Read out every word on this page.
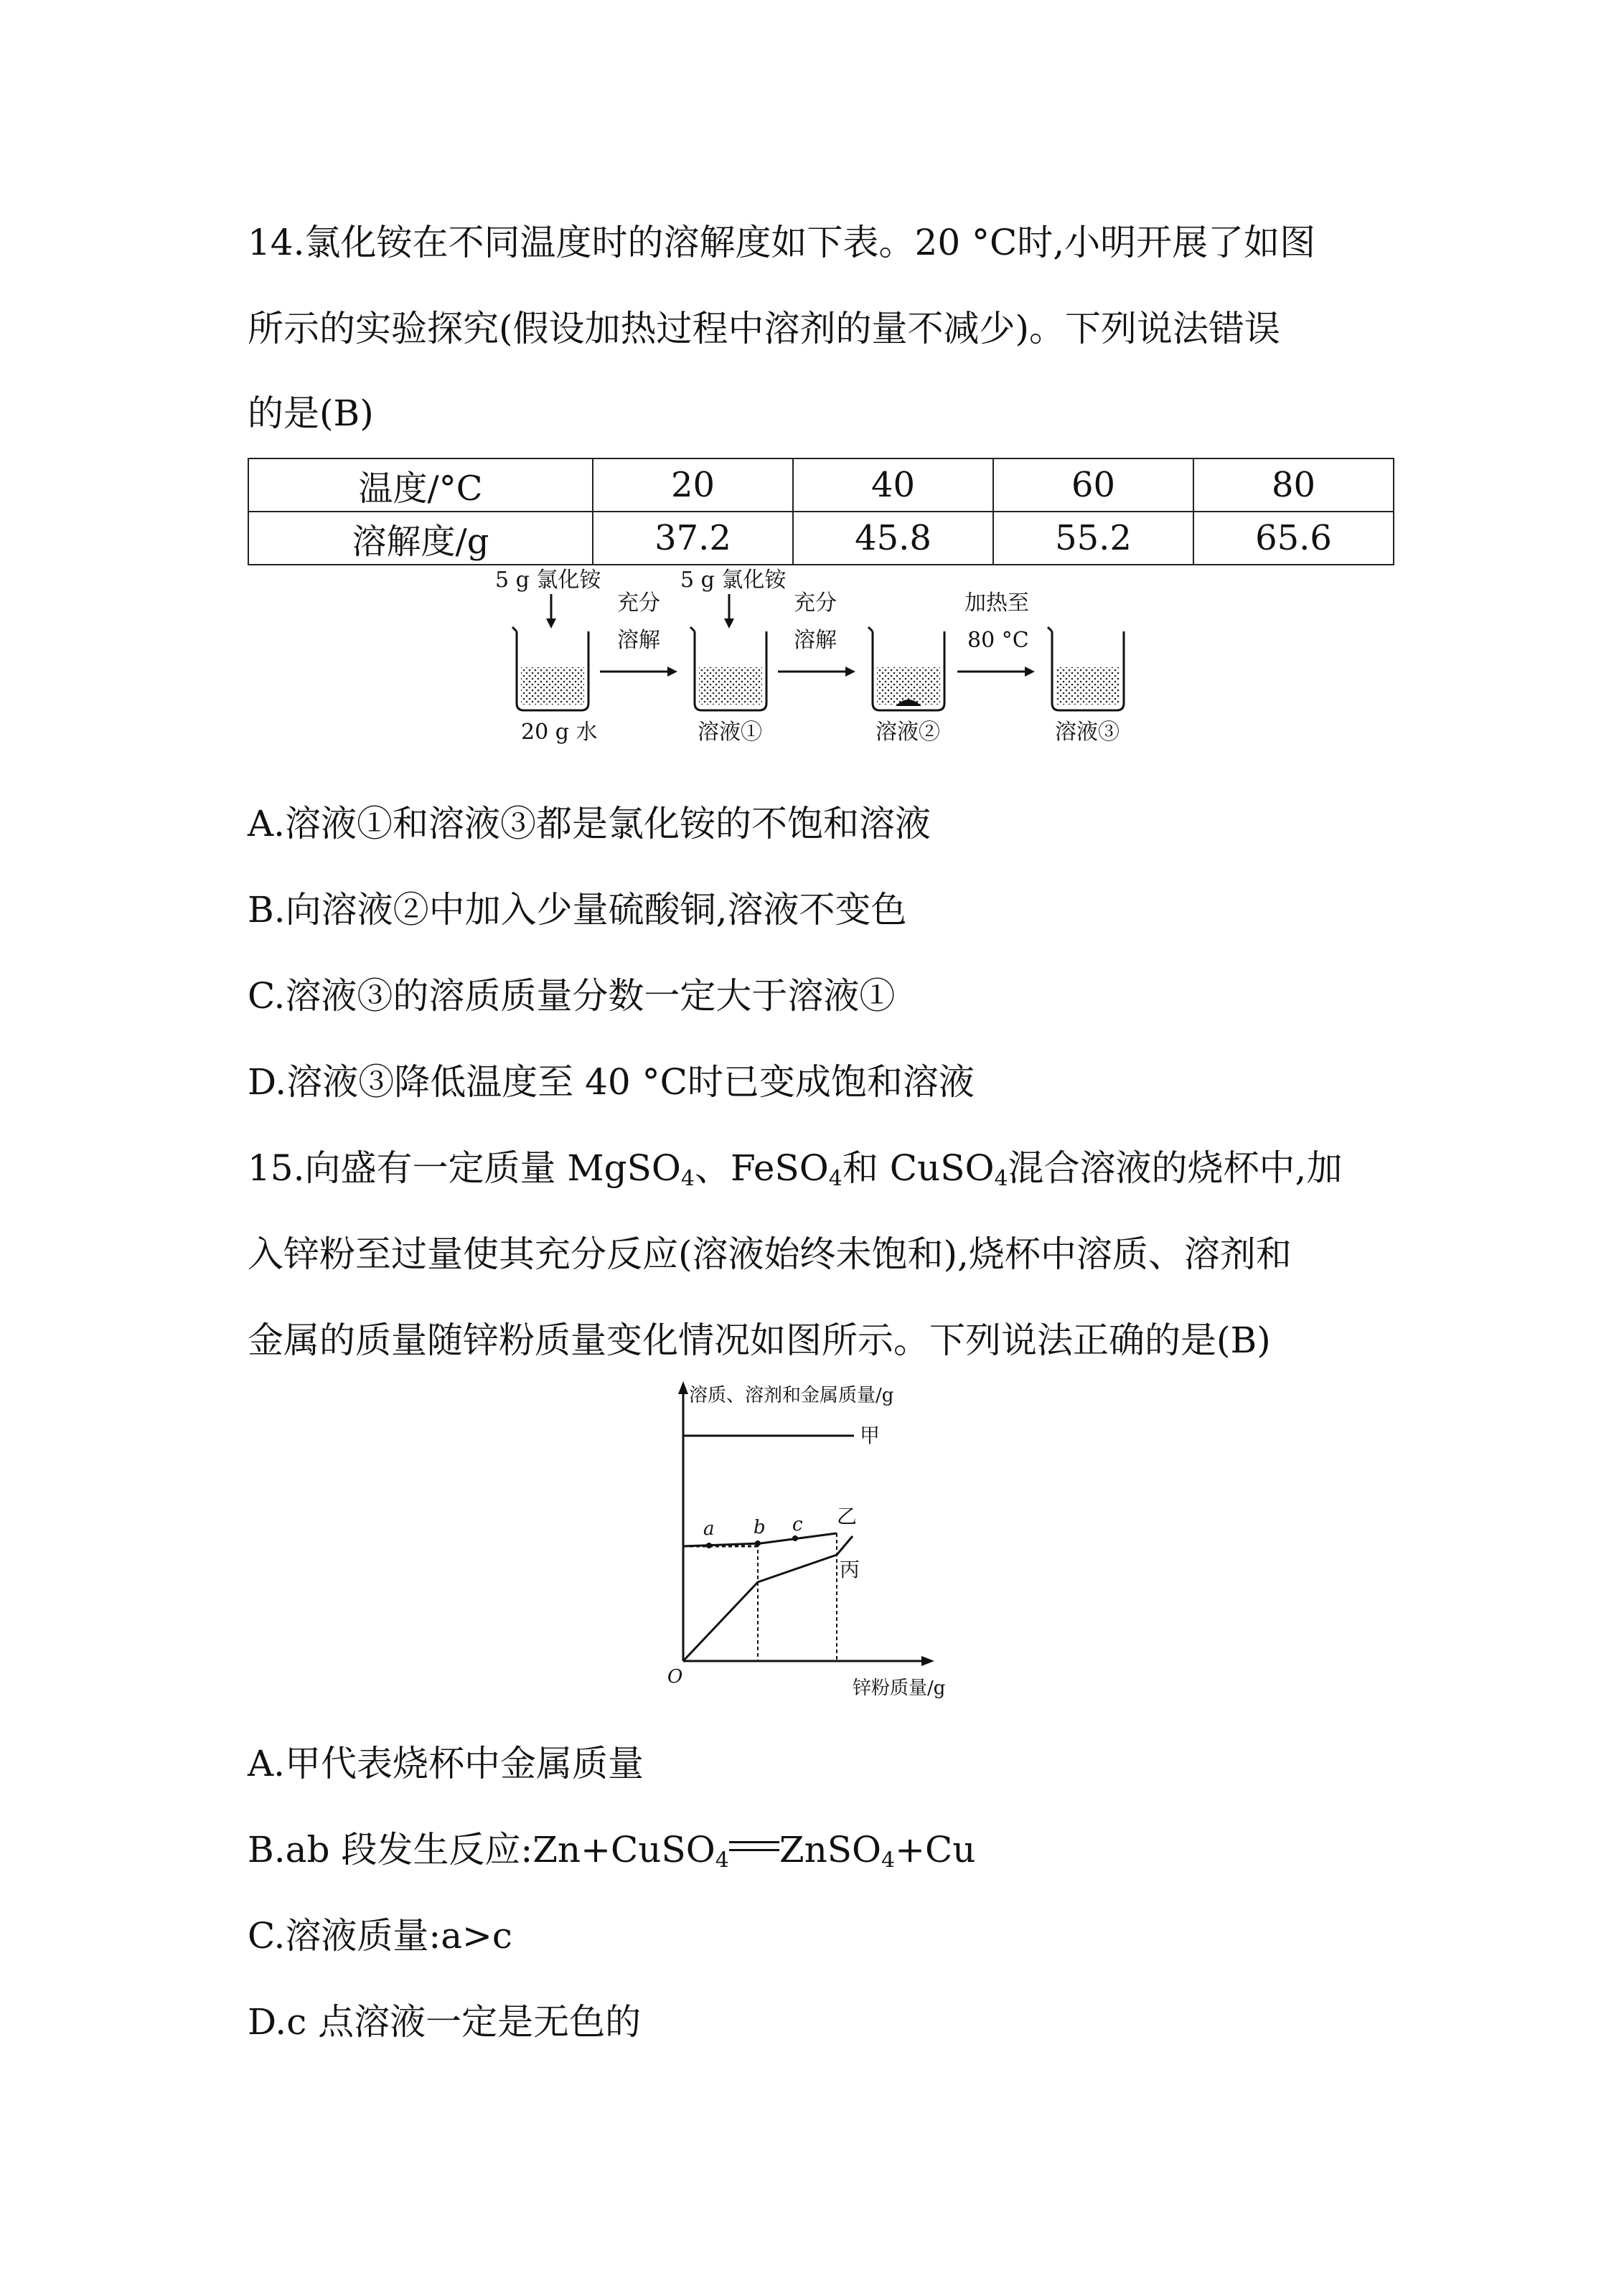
14.氯化铵在不同温度时的溶解度如下表。20 °C时,小明开展了如图
所示的实验探究(假设加热过程中溶剂的量不减少)。下列说法错误
的是(B)
温度/°C	20	40	60	80
溶解度/g	37.2	45.8	55.2	65.6
5 g 氯化铵	5 g 氯化铵
充分
溶解
充分
溶解
加热至
80 °C
20 g 水	溶液①	溶液②	溶液③
A.溶液①和溶液③都是氯化铵的不饱和溶液
B.向溶液②中加入少量硫酸铜,溶液不变色
C.溶液③的溶质质量分数一定大于溶液①
D.溶液③降低温度至 40 °C时已变成饱和溶液
15.向盛有一定质量 MgSO$_4$、FeSO$_4$和 CuSO$_4$混合溶液的烧杯中,加
入锌粉至过量使其充分反应(溶液始终未饱和),烧杯中溶质、溶剂和
金属的质量随锌粉质量变化情况如图所示。下列说法正确的是(B)
溶质、溶剂和金属质量/g
锌粉质量/g
O
甲
乙
a b c
丙
A.甲代表烧杯中金属质量
B.ab 段发生反应:Zn+CuSO$_4$ ZnSO$_4$+Cu
C.溶液质量:a>c
D.c 点溶液一定是无色的
